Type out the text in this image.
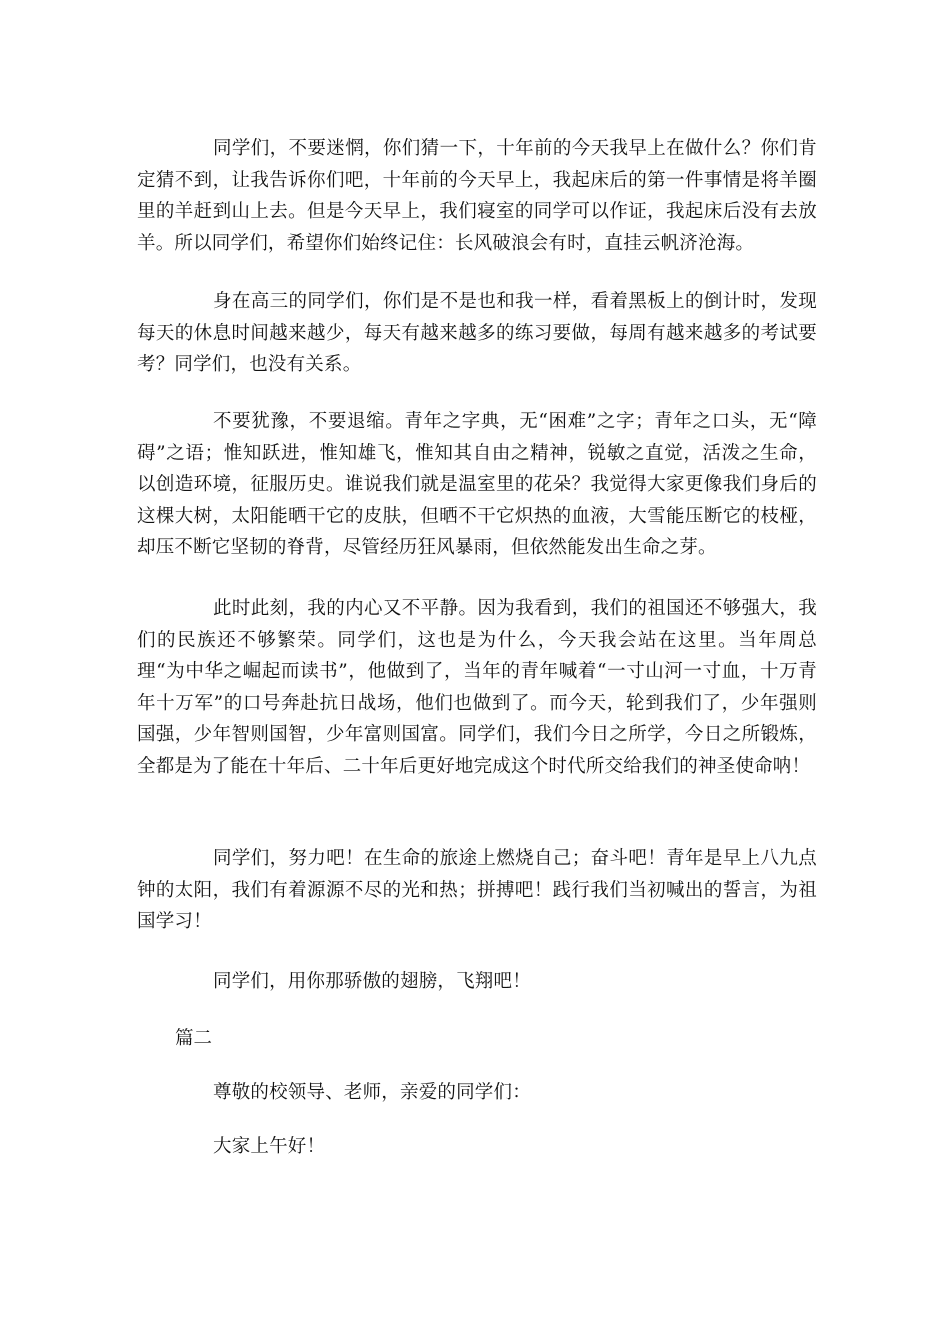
同学们，不要迷惘，你们猜一下，十年前的今天我早上在做什么？你们肯定猜不到，让我告诉你们吧，十年前的今天早上，我起床后的第一件事情是将羊圈里的羊赶到山上去。但是今天早上，我们寝室的同学可以作证，我起床后没有去放羊。所以同学们，希望你们始终记住：长风破浪会有时，直挂云帆济沧海。

身在高三的同学们，你们是不是也和我一样，看着黑板上的倒计时，发现每天的休息时间越来越少，每天有越来越多的练习要做，每周有越来越多的考试要考？同学们，也没有关系。

不要犹豫，不要退缩。青年之字典，无“困难”之字；青年之口头，无“障碍”之语；惟知跃进，惟知雄飞，惟知其自由之精神，锐敏之直觉，活泼之生命，以创造环境，征服历史。谁说我们就是温室里的花朵？我觉得大家更像我们身后的这棵大树，太阳能晒干它的皮肤，但晒不干它炽热的血液，大雪能压断它的枝桠，却压不断它坚韧的脊背，尽管经历狂风暴雨，但依然能发出生命之芽。

此时此刻，我的内心又不平静。因为我看到，我们的祖国还不够强大，我们的民族还不够繁荣。同学们，这也是为什么，今天我会站在这里。当年周总理“为中华之崛起而读书”，他做到了，当年的青年喊着“一寸山河一寸血，十万青年十万军”的口号奔赴抗日战场，他们也做到了。而今天，轮到我们了，少年强则国强，少年智则国智，少年富则国富。同学们，我们今日之所学，今日之所锻炼，全都是为了能在十年后、二十年后更好地完成这个时代所交给我们的神圣使命呐！

同学们，努力吧！在生命的旅途上燃烧自己；奋斗吧！青年是早上八九点钟的太阳，我们有着源源不尽的光和热；拼搏吧！践行我们当初喊出的誓言，为祖国学习！

同学们，用你那骄傲的翅膀，飞翔吧！

篇二

尊敬的校领导、老师，亲爱的同学们：

大家上午好！
